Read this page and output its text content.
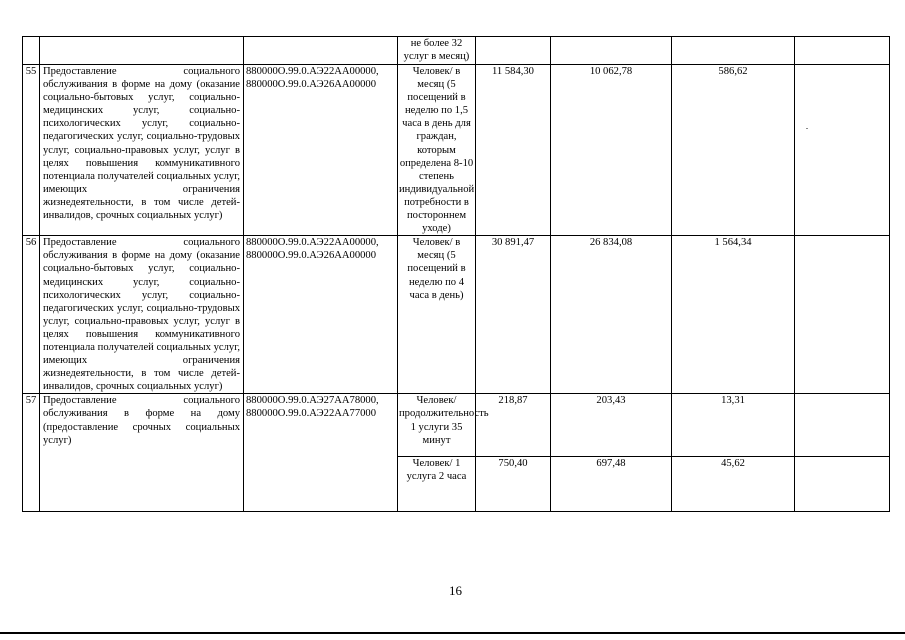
			не более 32 услуг в месяц)				
55	Предоставление социального обслуживания в форме на дому (оказание социально-бытовых услуг, социально-медицинских услуг, социально-психологических услуг, социально-педагогических услуг, социально-трудовых услуг, социально-правовых услуг, услуг в целях повышения коммуникативного потенциала получателей социальных услуг, имеющих ограничения жизнедеятельности, в том числе детей-инвалидов, срочных социальных услуг)	880000О.99.0.АЭ22АА00000, 880000О.99.0.АЭ26АА00000	Человек/ в месяц (5 посещений в неделю по 1,5 часа в день для граждан, которым определена 8-10 степень индивидуальной потребности в постороннем уходе)	11 584,30	10 062,78	586,62	
56	Предоставление социального обслуживания в форме на дому (оказание социально-бытовых услуг, социально-медицинских услуг, социально-психологических услуг, социально-педагогических услуг, социально-трудовых услуг, социально-правовых услуг, услуг в целях повышения коммуникативного потенциала получателей социальных услуг, имеющих ограничения жизнедеятельности, в том числе детей-инвалидов, срочных социальных услуг)	880000О.99.0.АЭ22АА00000, 880000О.99.0.АЭ26АА00000	Человек/ в месяц (5 посещений в неделю по 4 часа в день)	30 891,47	26 834,08	1 564,34	
57	Предоставление социального обслуживания в форме на дому (предоставление срочных социальных услуг)	880000О.99.0.АЭ27АА78000, 880000О.99.0.АЭ22АА77000	Человек/ продолжительность 1 услуги 35 минут	218,87	203,43	13,31	
			Человек/ 1 услуга 2 часа	750,40	697,48	45,62	
16
